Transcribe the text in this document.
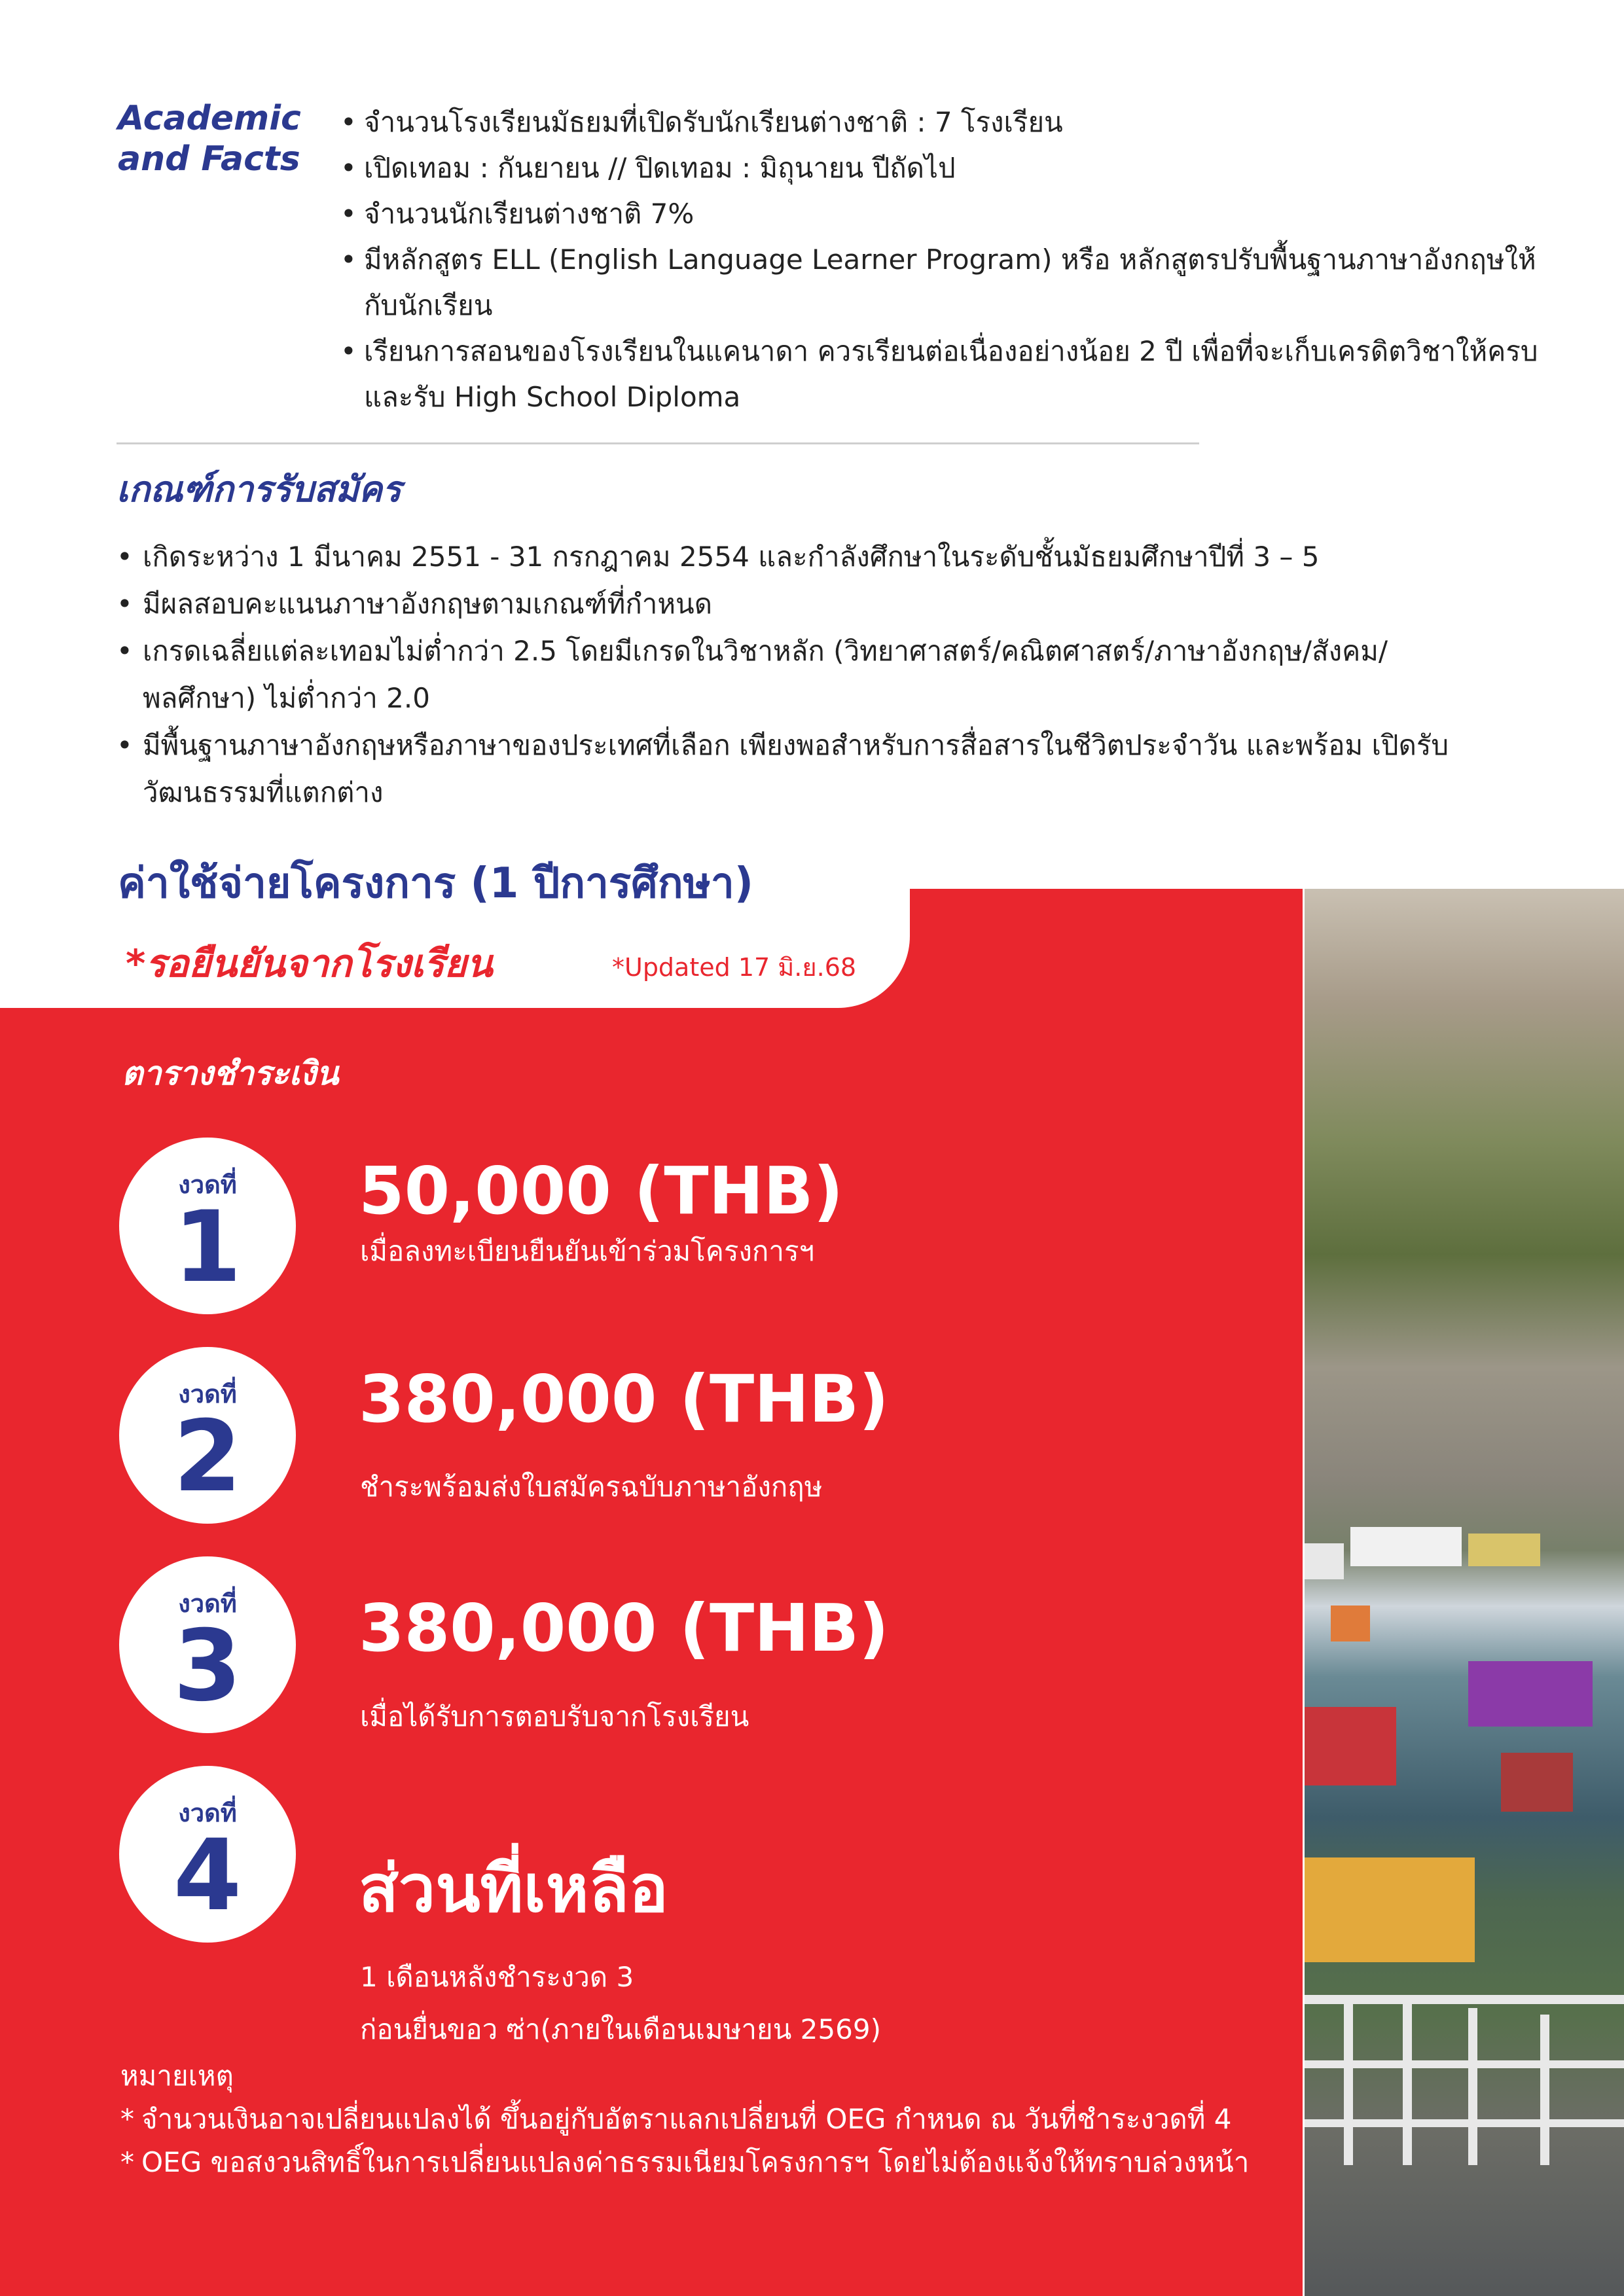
Academic
and Facts
• จำนวนโรงเรียนมัธยมที่เปิดรับนักเรียนต่างชาติ : 7 โรงเรียน
• เปิดเทอม : กันยายน // ปิดเทอม : มิถุนายน ปีถัดไป
• จำนวนนักเรียนต่างชาติ 7%
• มีหลักสูตร ELL (English Language Learner Program) หรือ หลักสูตรปรับพื้นฐานภาษาอังกฤษให้กับนักเรียน
• เรียนการสอนของโรงเรียนในแคนาดา ควรเรียนต่อเนื่องอย่างน้อย 2 ปี เพื่อที่จะเก็บเครดิตวิชาให้ครบและรับ High School Diploma
เกณฑ์การรับสมัคร
• เกิดระหว่าง 1 มีนาคม 2551 - 31 กรกฎาคม 2554 และกำลังศึกษาในระดับชั้นมัธยมศึกษาปีที่ 3 – 5
• มีผลสอบคะแนนภาษาอังกฤษตามเกณฑ์ที่กำหนด
• เกรดเฉลี่ยแต่ละเทอมไม่ต่ำกว่า 2.5 โดยมีเกรดในวิชาหลัก (วิทยาศาสตร์/คณิตศาสตร์/ภาษาอังกฤษ/สังคม/พลศึกษา) ไม่ต่ำกว่า 2.0
• มีพื้นฐานภาษาอังกฤษหรือภาษาของประเทศที่เลือก เพียงพอสำหรับการสื่อสารในชีวิตประจำวัน และพร้อม เปิดรับวัฒนธรรมที่แตกต่าง
ค่าใช้จ่ายโครงการ (1 ปีการศึกษา)
*รอยืนยันจากโรงเรียน	*Updated 17 มิ.ย.68
ตารางชำระเงิน
งวดที่
1	50,000 (THB)
เมื่อลงทะเบียนยืนยันเข้าร่วมโครงการฯ
งวดที่
2
380,000 (THB)
ชำระพร้อมส่งใบสมัครฉบับภาษาอังกฤษ
งวดที่
3	380,000 (THB)
เมื่อได้รับการตอบรับจากโรงเรียน
งวดที่
4	ส่วนที่เหลือ
1 เดือนหลังชำระงวด 3
ก่อนยื่นขอว ซ่า(ภายในเดือนเมษายน 2569)
หมายเหตุ
* จำนวนเงินอาจเปลี่ยนแปลงได้ ขึ้นอยู่กับอัตราแลกเปลี่ยนที่ OEG กำหนด ณ วันที่ชำระงวดที่ 4
* OEG ขอสงวนสิทธิ์ในการเปลี่ยนแปลงค่าธรรมเนียมโครงการฯ โดยไม่ต้องแจ้งให้ทราบล่วงหน้า
